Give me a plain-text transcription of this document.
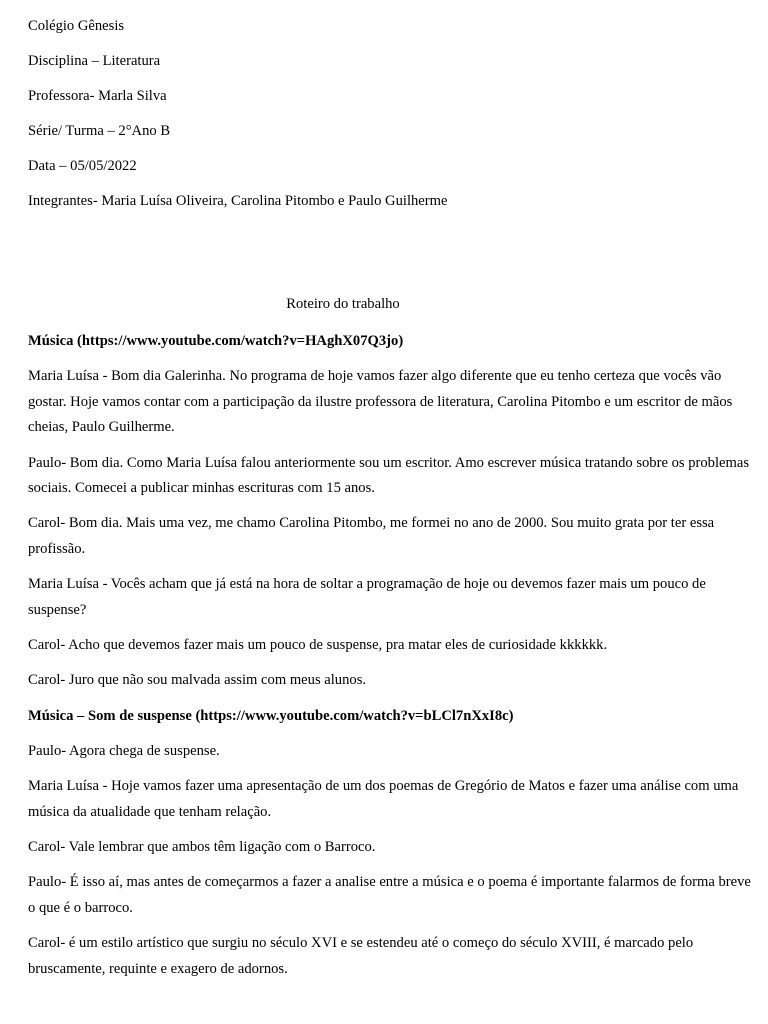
Colégio Gênesis
Disciplina – Literatura
Professora- Marla Silva
Série/ Turma – 2°Ano B
Data – 05/05/2022
Integrantes- Maria Luísa Oliveira, Carolina Pitombo e Paulo Guilherme
Roteiro do trabalho

Música (https://www.youtube.com/watch?v=HAghX07Q3jo)

Maria Luísa - Bom dia Galerinha. No programa de hoje vamos fazer algo diferente que eu tenho certeza que vocês vão gostar. Hoje vamos contar com a participação da ilustre professora de literatura, Carolina Pitombo e um escritor de mãos cheias, Paulo Guilherme.

Paulo- Bom dia. Como Maria Luísa falou anteriormente sou um escritor. Amo escrever música tratando sobre os problemas sociais. Comecei a publicar minhas escrituras com 15 anos.

Carol- Bom dia. Mais uma vez, me chamo Carolina Pitombo, me formei no ano de 2000. Sou muito grata por ter essa profissão.

Maria Luísa - Vocês acham que já está na hora de soltar a programação de hoje ou devemos fazer mais um pouco de suspense?

Carol- Acho que devemos fazer mais um pouco de suspense, pra matar eles de curiosidade kkkkkk.

Carol- Juro que não sou malvada assim com meus alunos.

Música – Som de suspense (https://www.youtube.com/watch?v=bLCl7nXxI8c)

Paulo- Agora chega de suspense.

Maria Luísa - Hoje vamos fazer uma apresentação de um dos poemas de Gregório de Matos e fazer uma análise com uma música da atualidade que tenham relação.

Carol- Vale lembrar que ambos têm ligação com o Barroco.

Paulo- É isso aí, mas antes de começarmos a fazer a analise entre a música e o poema é importante falarmos de forma breve o que é o barroco.

Carol- é um estilo artístico que surgiu no século XVI e se estendeu até o começo do século XVIII, é marcado pelo bruscamente, requinte e exagero de adornos.
